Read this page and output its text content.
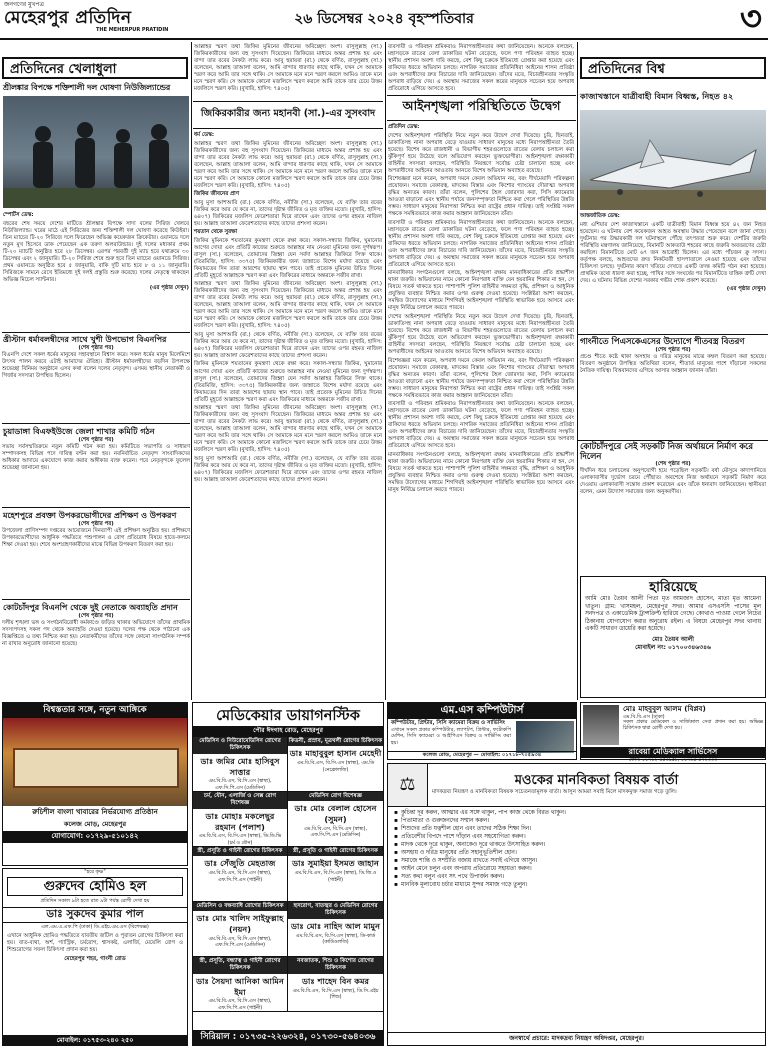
জনগণের মুখপত্র
মেহেরপুর প্রতিদিন
THE MEHERPUR PRATIDIN
২৬ ডিসেম্বর ২০২৪ বৃহস্পতিবার	৩
প্রতিদিনের খেলাধুলা
শ্রীলঙ্কার বিপক্ষে শক্তিশালী দল ঘোষণা নিউজিল্যান্ডের

স্পোর্টস ডেস্ক:

বছরের শেষ সময়ে দেশের মাটিতে শ্রীলঙ্কার বিপক্ষে সাদা বলের সিরিজ খেলবে নিউজিল্যান্ড। ঘরের মাঠে এই সিরিজের জন্য শক্তিশালী দল ঘোষণা করেছে কিউইরা। তিন ম্যাচের টি-২০ সিরিজে দলে ফিরেছেন অভিজ্ঞ কয়েকজন ক্রিকেটার। ওয়ানডে দলে নতুন মুখ হিসেবে ডাক পেয়েছেন এক তরুণ অলরাউন্ডার। দুই দলের মধ্যকার প্রথম টি-২০ ম্যাচটি অনুষ্ঠিত হবে ২৮ ডিসেম্বর। এরপর পরবর্তী দুই ম্যাচ হবে যথাক্রমে ৩০ ডিসেম্বর এবং ২ জানুয়ারি। টি-২০ সিরিজ শেষে শুরু হবে তিন ম্যাচের ওয়ানডে সিরিজ। প্রথম ওয়ানডে অনুষ্ঠিত হবে ৫ জানুয়ারি, বাকি দুটি ম্যাচ হবে ৮ ও ১১ জানুয়ারি। সিরিজকে সামনে রেখে ইতিমধ্যে দুই দলই প্রস্তুতি শুরু করেছে। দলের নেতৃত্বে থাকছেন অভিজ্ঞ মিচেল স্যান্টনার।

(এর পৃষ্ঠার দেখুন)

খ্রীস্টান ধর্মাবলম্বীদের সাথে খুশী উপভোগ বিএনপির
(শেষ পৃষ্ঠার পর)

বিএনপি দেশে সকল ধর্মের মানুষের সহাবস্থানে বিশ্বাস করে। সকল ধর্মের মানুষ মিলেমিশে উৎসব পালন করবে এটাই আমাদের ঐতিহ্য। খ্রীস্টান ধর্মাবলম্বীদের বড়দিন উপলক্ষে শুভেচ্ছা বিনিময় অনুষ্ঠানে এসব কথা বলেন দলের নেতৃবৃন্দ। এসময় স্থানীয় নেতাকর্মী ও গির্জার সদস্যরা উপস্থিত ছিলেন।

চুয়াডাঙ্গা বিএফইউজে জেলা শাখার কমিটি গঠন
(শেষ পৃষ্ঠার পর)

সভায় সর্বসম্মতিক্রমে নতুন কমিটি গঠন করা হয়। কমিটিতে সভাপতি ও সাধারণ সম্পাদকসহ বিভিন্ন পদে দায়িত্ব বণ্টন করা হয়। নবনির্বাচিত নেতৃবৃন্দ সাংবাদিকদের অধিকার আদায়ে একযোগে কাজ করার অঙ্গীকার ব্যক্ত করেন। পরে নেতৃবৃন্দকে ফুলেল শুভেচ্ছা জানানো হয়।

মহেশপুরে প্রবক্তা উপকরভোগীদের প্রশিক্ষণ ও উপকরণ
(শেষ পৃষ্ঠার পর)

উপজেলা প্রাণিসম্পদ দপ্তরের আয়োজনে দিনব্যাপী এই প্রশিক্ষণ অনুষ্ঠিত হয়। প্রশিক্ষণে উপকারভোগীদের আধুনিক পদ্ধতিতে পশুপালন ও রোগ প্রতিরোধ বিষয়ে হাতে-কলমে শিক্ষা দেওয়া হয়। শেষে অংশগ্রহণকারীদের মাঝে বিভিন্ন উপকরণ বিতরণ করা হয়।

কোটচাঁদপুর বিএনপি থেকে দুই নেতাকে অব্যাহতি প্রদান
(শেষ পৃষ্ঠার পর)

দলীয় শৃঙ্খলা ভঙ্গ ও সংগঠনবিরোধী কর্মকাণ্ডে জড়িত থাকার অভিযোগে তাঁদের প্রাথমিক সদস্যপদসহ সকল পদ থেকে অব্যাহতি দেওয়া হয়েছে। দলের পক্ষ থেকে পাঠানো এক বিজ্ঞপ্তিতে এ তথ্য নিশ্চিত করা হয়। নেতাকর্মীদের তাঁদের সঙ্গে কোনো সাংগঠনিক সম্পর্ক না রাখার অনুরোধ জানানো হয়েছে।

আল্লাহর স্মরণ তথা জিকির মুমিনের জীবনের অবিচ্ছেদ্য অংশ। রাসুলুল্লাহ (সা.) জিকিরকারীদের জন্য বহু সুসংবাদ দিয়েছেন। জিকিরের মাধ্যমে অন্তর প্রশান্ত হয় এবং বান্দা তার রবের নৈকট্য লাভ করে। আবু হুরায়রা (রা.) থেকে বর্ণিত, রাসুলুল্লাহ (সা.) বলেছেন, আল্লাহ তাআলা বলেন, আমি বান্দার ধারণার কাছে থাকি, যখন সে আমাকে স্মরণ করে আমি তার সঙ্গে থাকি। সে আমাকে মনে মনে স্মরণ করলে আমিও তাকে মনে মনে স্মরণ করি। সে আমাকে কোনো মজলিসে স্মরণ করলে আমি তাকে তার চেয়ে উত্তম মজলিসে স্মরণ করি। (বুখারি, হাদিস: ৭৪০৫)

জিকিরকারীর জন্য মহানবী (সা.)-এর সুসংবাদ

ধর্ম ডেস্ক:

আল্লাহর স্মরণ তথা জিকির মুমিনের জীবনের অবিচ্ছেদ্য অংশ। রাসুলুল্লাহ (সা.) জিকিরকারীদের জন্য বহু সুসংবাদ দিয়েছেন। জিকিরের মাধ্যমে অন্তর প্রশান্ত হয় এবং বান্দা তার রবের নৈকট্য লাভ করে। আবু হুরায়রা (রা.) থেকে বর্ণিত, রাসুলুল্লাহ (সা.) বলেছেন, আল্লাহ তাআলা বলেন, আমি বান্দার ধারণার কাছে থাকি, যখন সে আমাকে স্মরণ করে আমি তার সঙ্গে থাকি। সে আমাকে মনে মনে স্মরণ করলে আমিও তাকে মনে মনে স্মরণ করি। সে আমাকে কোনো মজলিসে স্মরণ করলে আমি তাকে তার চেয়ে উত্তম মজলিসে স্মরণ করি। (বুখারি, হাদিস: ৭৪০৫)

জিকির জীবনের প্রাণ

আবু মুসা আশআরি (রা.) থেকে বর্ণিত, নবীজি (সা.) বলেছেন, যে ব্যক্তি তার রবের জিকির করে আর যে করে না, তাদের দৃষ্টান্ত জীবিত ও মৃত ব্যক্তির মতো। (বুখারি, হাদিস: ৬৪০৭) জিকিরের মজলিস ফেরেশতারা ঘিরে রাখেন এবং তাদের ওপর রহমত নাজিল হয়। আল্লাহ তাআলা ফেরেশতাদের কাছে তাদের প্রশংসা করেন।

শয়তান থেকে সুরক্ষা

জিকির মুমিনকে শয়তানের কুমন্ত্রণা থেকে রক্ষা করে। সকাল-সন্ধ্যার জিকির, ঘুমানোর আগের দোয়া এবং প্রতিটি কাজের শুরুতে আল্লাহর নাম নেওয়া মুমিনের জন্য দুর্গস্বরূপ। রাসুল (সা.) বলেছেন, তোমাদের জিহ্বা যেন সর্বদা আল্লাহর জিকিরে সিক্ত থাকে। (তিরমিজি, হাদিস: ৩৩৭৫) জিকিরকারীর জন্য জান্নাতে বিশেষ মর্যাদা রয়েছে এবং কিয়ামতের দিন তারা আরশের ছায়ায় স্থান পাবে। তাই প্রত্যেক মুমিনের উচিত দিনের প্রতিটি মুহূর্তে আল্লাহকে স্মরণ করা এবং জিকিরের মাধ্যমে অন্তরকে সজীব রাখা।

আল্লাহর স্মরণ তথা জিকির মুমিনের জীবনের অবিচ্ছেদ্য অংশ। রাসুলুল্লাহ (সা.) জিকিরকারীদের জন্য বহু সুসংবাদ দিয়েছেন। জিকিরের মাধ্যমে অন্তর প্রশান্ত হয় এবং বান্দা তার রবের নৈকট্য লাভ করে। আবু হুরায়রা (রা.) থেকে বর্ণিত, রাসুলুল্লাহ (সা.) বলেছেন, আল্লাহ তাআলা বলেন, আমি বান্দার ধারণার কাছে থাকি, যখন সে আমাকে স্মরণ করে আমি তার সঙ্গে থাকি। সে আমাকে মনে মনে স্মরণ করলে আমিও তাকে মনে মনে স্মরণ করি। সে আমাকে কোনো মজলিসে স্মরণ করলে আমি তাকে তার চেয়ে উত্তম মজলিসে স্মরণ করি। (বুখারি, হাদিস: ৭৪০৫)

আবু মুসা আশআরি (রা.) থেকে বর্ণিত, নবীজি (সা.) বলেছেন, যে ব্যক্তি তার রবের জিকির করে আর যে করে না, তাদের দৃষ্টান্ত জীবিত ও মৃত ব্যক্তির মতো। (বুখারি, হাদিস: ৬৪০৭) জিকিরের মজলিস ফেরেশতারা ঘিরে রাখেন এবং তাদের ওপর রহমত নাজিল হয়। আল্লাহ তাআলা ফেরেশতাদের কাছে তাদের প্রশংসা করেন।

জিকির মুমিনকে শয়তানের কুমন্ত্রণা থেকে রক্ষা করে। সকাল-সন্ধ্যার জিকির, ঘুমানোর আগের দোয়া এবং প্রতিটি কাজের শুরুতে আল্লাহর নাম নেওয়া মুমিনের জন্য দুর্গস্বরূপ। রাসুল (সা.) বলেছেন, তোমাদের জিহ্বা যেন সর্বদা আল্লাহর জিকিরে সিক্ত থাকে। (তিরমিজি, হাদিস: ৩৩৭৫) জিকিরকারীর জন্য জান্নাতে বিশেষ মর্যাদা রয়েছে এবং কিয়ামতের দিন তারা আরশের ছায়ায় স্থান পাবে। তাই প্রত্যেক মুমিনের উচিত দিনের প্রতিটি মুহূর্তে আল্লাহকে স্মরণ করা এবং জিকিরের মাধ্যমে অন্তরকে সজীব রাখা।

আল্লাহর স্মরণ তথা জিকির মুমিনের জীবনের অবিচ্ছেদ্য অংশ। রাসুলুল্লাহ (সা.) জিকিরকারীদের জন্য বহু সুসংবাদ দিয়েছেন। জিকিরের মাধ্যমে অন্তর প্রশান্ত হয় এবং বান্দা তার রবের নৈকট্য লাভ করে। আবু হুরায়রা (রা.) থেকে বর্ণিত, রাসুলুল্লাহ (সা.) বলেছেন, আল্লাহ তাআলা বলেন, আমি বান্দার ধারণার কাছে থাকি, যখন সে আমাকে স্মরণ করে আমি তার সঙ্গে থাকি। সে আমাকে মনে মনে স্মরণ করলে আমিও তাকে মনে মনে স্মরণ করি। সে আমাকে কোনো মজলিসে স্মরণ করলে আমি তাকে তার চেয়ে উত্তম মজলিসে স্মরণ করি। (বুখারি, হাদিস: ৭৪০৫)

আবু মুসা আশআরি (রা.) থেকে বর্ণিত, নবীজি (সা.) বলেছেন, যে ব্যক্তি তার রবের জিকির করে আর যে করে না, তাদের দৃষ্টান্ত জীবিত ও মৃত ব্যক্তির মতো। (বুখারি, হাদিস: ৬৪০৭) জিকিরের মজলিস ফেরেশতারা ঘিরে রাখেন এবং তাদের ওপর রহমত নাজিল হয়। আল্লাহ তাআলা ফেরেশতাদের কাছে তাদের প্রশংসা করেন।

ব্যবসায়ী ও পরিবহন শ্রমিকরাও নিরাপত্তাহীনতার কথা জানিয়েছেন। অনেকে বলছেন, মহাসড়কে রাতের বেলা ডাকাতির ঘটনা বেড়েছে, ফলে পণ্য পরিবহন ব্যাহত হচ্ছে। স্থানীয় প্রশাসন অবশ্য দাবি করছে, বেশ কিছু চক্রকে ইতিমধ্যে গ্রেপ্তার করা হয়েছে এবং বাকিদের ধরতে অভিযান চলছে। নাগরিক সমাজের প্রতিনিধিরা আইনের শাসন প্রতিষ্ঠা এবং অপরাধীদের দ্রুত বিচারের দাবি জানিয়েছেন। তাঁদের মতে, বিচারহীনতার সংস্কৃতি অপরাধ বাড়িয়ে দেয়। এ অবস্থায় সমাজের সকল স্তরের মানুষকে সচেতন হয়ে অপরাধ প্রতিরোধে এগিয়ে আসতে হবে।

আইনশৃঙ্খলা পরিস্থিতিতে উদ্বেগ

প্রতিদিন ডেস্ক:

দেশের আইনশৃঙ্খলা পরিস্থিতি নিয়ে নতুন করে উদ্বেগ দেখা দিয়েছে। চুরি, ছিনতাই, ডাকাতিসহ নানা অপরাধ বেড়ে যাওয়ায় সাধারণ মানুষের মধ্যে নিরাপত্তাহীনতা তৈরি হয়েছে। বিশেষ করে রাজধানী ও বিভাগীয় শহরগুলোতে রাতের বেলায় চলাচল করা ঝুঁকিপূর্ণ হয়ে উঠেছে বলে অভিযোগ করছেন ভুক্তভোগীরা। আইনশৃঙ্খলা রক্ষাকারী বাহিনীর সদস্যরা বলছেন, পরিস্থিতি নিয়ন্ত্রণে সর্বোচ্চ চেষ্টা চালানো হচ্ছে এবং অপরাধীদের আইনের আওতায় আনতে বিশেষ অভিযান অব্যাহত রয়েছে।

বিশেষজ্ঞরা মনে করেন, অপরাধ দমনে কেবল অভিযান নয়, বরং দীর্ঘমেয়াদি পরিকল্পনা প্রয়োজন। সমাজে বেকারত্ব, মাদকের বিস্তার এবং কিশোর গ্যাংয়ের দৌরাত্ম্য অপরাধ বৃদ্ধির অন্যতম কারণ। তাঁরা বলেন, পুলিশের টহল জোরদার করা, সিসি ক্যামেরার আওতা বাড়ানো এবং স্থানীয় পর্যায়ে জনসম্পৃক্ততা নিশ্চিত করা গেলে পরিস্থিতির উন্নতি সম্ভব। সাধারণ মানুষের নিরাপত্তা নিশ্চিত করা রাষ্ট্রের প্রধান দায়িত্ব। তাই সংশ্লিষ্ট সকল পক্ষকে সমন্বিতভাবে কাজ করার আহ্বান জানিয়েছেন তাঁরা।

ব্যবসায়ী ও পরিবহন শ্রমিকরাও নিরাপত্তাহীনতার কথা জানিয়েছেন। অনেকে বলছেন, মহাসড়কে রাতের বেলা ডাকাতির ঘটনা বেড়েছে, ফলে পণ্য পরিবহন ব্যাহত হচ্ছে। স্থানীয় প্রশাসন অবশ্য দাবি করছে, বেশ কিছু চক্রকে ইতিমধ্যে গ্রেপ্তার করা হয়েছে এবং বাকিদের ধরতে অভিযান চলছে। নাগরিক সমাজের প্রতিনিধিরা আইনের শাসন প্রতিষ্ঠা এবং অপরাধীদের দ্রুত বিচারের দাবি জানিয়েছেন। তাঁদের মতে, বিচারহীনতার সংস্কৃতি অপরাধ বাড়িয়ে দেয়। এ অবস্থায় সমাজের সকল স্তরের মানুষকে সচেতন হয়ে অপরাধ প্রতিরোধে এগিয়ে আসতে হবে।

মানবাধিকার সংগঠনগুলো বলছে, আইনশৃঙ্খলা রক্ষায় মানবাধিকারের প্রতি শ্রদ্ধাশীল থাকা জরুরি। অভিযানের নামে কোনো নিরপরাধ ব্যক্তি যেন হয়রানির শিকার না হন, সে বিষয়ে সতর্ক থাকতে হবে। পাশাপাশি পুলিশ বাহিনীর সক্ষমতা বৃদ্ধি, প্রশিক্ষণ ও আধুনিক প্রযুক্তির ব্যবহার নিশ্চিত করার ওপর গুরুত্ব দেওয়া হয়েছে। সংশ্লিষ্টরা আশা করছেন, সমন্বিত উদ্যোগের মাধ্যমে শিগগিরই আইনশৃঙ্খলা পরিস্থিতি স্বাভাবিক হয়ে আসবে এবং মানুষ নির্বিঘ্নে চলাচল করতে পারবে।

দেশের আইনশৃঙ্খলা পরিস্থিতি নিয়ে নতুন করে উদ্বেগ দেখা দিয়েছে। চুরি, ছিনতাই, ডাকাতিসহ নানা অপরাধ বেড়ে যাওয়ায় সাধারণ মানুষের মধ্যে নিরাপত্তাহীনতা তৈরি হয়েছে। বিশেষ করে রাজধানী ও বিভাগীয় শহরগুলোতে রাতের বেলায় চলাচল করা ঝুঁকিপূর্ণ হয়ে উঠেছে বলে অভিযোগ করছেন ভুক্তভোগীরা। আইনশৃঙ্খলা রক্ষাকারী বাহিনীর সদস্যরা বলছেন, পরিস্থিতি নিয়ন্ত্রণে সর্বোচ্চ চেষ্টা চালানো হচ্ছে এবং অপরাধীদের আইনের আওতায় আনতে বিশেষ অভিযান অব্যাহত রয়েছে।

বিশেষজ্ঞরা মনে করেন, অপরাধ দমনে কেবল অভিযান নয়, বরং দীর্ঘমেয়াদি পরিকল্পনা প্রয়োজন। সমাজে বেকারত্ব, মাদকের বিস্তার এবং কিশোর গ্যাংয়ের দৌরাত্ম্য অপরাধ বৃদ্ধির অন্যতম কারণ। তাঁরা বলেন, পুলিশের টহল জোরদার করা, সিসি ক্যামেরার আওতা বাড়ানো এবং স্থানীয় পর্যায়ে জনসম্পৃক্ততা নিশ্চিত করা গেলে পরিস্থিতির উন্নতি সম্ভব। সাধারণ মানুষের নিরাপত্তা নিশ্চিত করা রাষ্ট্রের প্রধান দায়িত্ব। তাই সংশ্লিষ্ট সকল পক্ষকে সমন্বিতভাবে কাজ করার আহ্বান জানিয়েছেন তাঁরা।

ব্যবসায়ী ও পরিবহন শ্রমিকরাও নিরাপত্তাহীনতার কথা জানিয়েছেন। অনেকে বলছেন, মহাসড়কে রাতের বেলা ডাকাতির ঘটনা বেড়েছে, ফলে পণ্য পরিবহন ব্যাহত হচ্ছে। স্থানীয় প্রশাসন অবশ্য দাবি করছে, বেশ কিছু চক্রকে ইতিমধ্যে গ্রেপ্তার করা হয়েছে এবং বাকিদের ধরতে অভিযান চলছে। নাগরিক সমাজের প্রতিনিধিরা আইনের শাসন প্রতিষ্ঠা এবং অপরাধীদের দ্রুত বিচারের দাবি জানিয়েছেন। তাঁদের মতে, বিচারহীনতার সংস্কৃতি অপরাধ বাড়িয়ে দেয়। এ অবস্থায় সমাজের সকল স্তরের মানুষকে সচেতন হয়ে অপরাধ প্রতিরোধে এগিয়ে আসতে হবে।

মানবাধিকার সংগঠনগুলো বলছে, আইনশৃঙ্খলা রক্ষায় মানবাধিকারের প্রতি শ্রদ্ধাশীল থাকা জরুরি। অভিযানের নামে কোনো নিরপরাধ ব্যক্তি যেন হয়রানির শিকার না হন, সে বিষয়ে সতর্ক থাকতে হবে। পাশাপাশি পুলিশ বাহিনীর সক্ষমতা বৃদ্ধি, প্রশিক্ষণ ও আধুনিক প্রযুক্তির ব্যবহার নিশ্চিত করার ওপর গুরুত্ব দেওয়া হয়েছে। সংশ্লিষ্টরা আশা করছেন, সমন্বিত উদ্যোগের মাধ্যমে শিগগিরই আইনশৃঙ্খলা পরিস্থিতি স্বাভাবিক হয়ে আসবে এবং মানুষ নির্বিঘ্নে চলাচল করতে পারবে।

প্রতিদিনের বিশ্ব
কাজাখস্তানে যাত্রীবাহী বিমান বিধ্বস্ত, নিহত ৪২

আন্তর্জাতিক ডেস্ক:

মধ্য এশিয়ার দেশ কাজাখস্তানে একটি যাত্রীবাহী বিমান বিধ্বস্ত হয়ে ৪২ জন নিহত হয়েছেন। এ ঘটনায় বেশ কয়েকজন আহত অবস্থায় উদ্ধার পেয়েছেন বলে জানা গেছে। দুর্ঘটনার পর উদ্ধারকারী দল ঘটনাস্থলে পৌঁছে তৎপরতা শুরু করে। দেশটির জরুরি পরিস্থিতি মন্ত্রণালয় জানিয়েছে, বিমানটি আকতাউ শহরের কাছে জরুরি অবতরণের চেষ্টা করছিল। বিমানটিতে মোট ৬৭ জন আরোহী ছিলেন। এর মধ্যে পাঁচজন ক্রু সদস্য। কর্তৃপক্ষ বলছে, আহতদের দ্রুত নিকটবর্তী হাসপাতালে নেওয়া হয়েছে এবং তাঁদের চিকিৎসা চলছে। দুর্ঘটনার কারণ খতিয়ে দেখতে একটি তদন্ত কমিটি গঠন করা হয়েছে। প্রাথমিক তথ্যে ধারণা করা হচ্ছে, পাখির সঙ্গে সংঘর্ষের পর বিমানটিতে যান্ত্রিক ত্রুটি দেখা দেয়। এ ঘটনায় বিভিন্ন দেশের সরকার গভীর শোক প্রকাশ করেছে।

(এর পৃষ্ঠার দেখুন)

গাংনীতে পিএসকেএসের উদ্যোগে শীতবস্ত্র বিতরণ
(শেষ পৃষ্ঠার পর)

প্রচণ্ড শীতে কষ্টে থাকা অসহায় ও দরিদ্র মানুষের মাঝে কম্বল বিতরণ করা হয়েছে। বিতরণ অনুষ্ঠানে উপস্থিত অতিথিরা বলেন, শীতার্ত মানুষের পাশে দাঁড়ানো সকলের নৈতিক দায়িত্ব। বিত্তবানদের এগিয়ে আসার আহ্বান জানান তাঁরা।

কোটচাঁদপুরে সেই সড়কটি নিজ অর্থায়নে নির্মাণ করে দিলেন
(শেষ পৃষ্ঠার পর)

দীর্ঘদিন ধরে চলাচলের অনুপযোগী হয়ে পড়েছিল সড়কটি। বর্ষা মৌসুমে কাদাপানিতে এলাকাবাসীর দুর্ভোগ চরমে পৌঁছাত। অবশেষে নিজ অর্থায়নে সড়কটি নির্মাণ করে দেওয়ায় এলাকাবাসী সন্তোষ প্রকাশ করেছেন এবং তাঁকে ধন্যবাদ জানিয়েছেন। স্থানীয়রা বলেন, এমন উদ্যোগ সমাজের জন্য অনুকরণীয়।

হারিয়েছে

আমি মোঃ তৈয়ব আলী পিতা মৃত আমজাদ হোসেন, মাতা মৃত আমেনা খাতুন। গ্রাম: খাসমহল, মেহেরপুর সদর। আমার এসএসসি পাসের মূল সনদপত্র ও একাডেমিক ট্রান্সক্রিপ্ট হারিয়ে গেছে। কোথাও পাওয়া গেলে নিচের ঠিকানায় যোগাযোগ করার অনুরোধ রইল। এ বিষয়ে মেহেরপুর সদর থানায় একটি সাধারণ ডায়েরি করা হয়েছে।

মোঃ তৈয়ব আলী
মোবাইল নং: ০১৭০০৩৪৬৩৪৬
বিশ্বস্ততার সঙ্গে, নতুন আঙ্গিকে
রুচিশীল বাংলা খাবারের নির্ভরযোগ্য প্রতিষ্ঠান
কলেজ মোড়, মেহেরপুর
যোগাযোগ: ০১৭২৯-৫১০১৪২
"হরে কৃষ্ণ"
গুরুদেব হোমিও হল
প্রতিদিন সকাল ৯টা হতে রাত ৯টা পর্যন্ত রোগী দেখা হয়
ডাঃ সুকদেব কুমার পাল
এল.এম.এ.এফ.পি (ঢাকা) ডি.এইচ.এম.এস (বিশেষজ্ঞ)

এখানে আধুনিক হোমিও পদ্ধতিতে যাবতীয় জটিল ও পুরাতন রোগের চিকিৎসা করা হয়। বাত-ব্যথা, অর্শ, গ্যাস্ট্রিক, চর্মরোগ, শ্বাসকষ্ট, এলার্জি, মেয়েলি রোগ ও শিশুরোগের সফল চিকিৎসা প্রদান করা হয়।

মেহেরপুর শহর, গাংনী রোড
মোবাইল: ০১৭৫৩-২৪০ ২৫০
মেডিকেয়ার ডায়াগনস্টিক
পৌর ঈদগাহ রোড, মেহেরপুর
মেডিসিন ও নিউরোমেডিসিন রোগের চিকিৎসক
ডাঃ জমির মোঃ হাসিবুস সাত্তার
এম.বি.বি.এস, বি.সি.এস (স্বাস্থ্য), এফ.সি.পি.এস (মেডিসিন)
কিডনী, প্রস্রাব, মূত্রথলী রোগের চিকিৎসক
ডাঃ মাহাবুবুল হাসান মেহেদী
এম.বি.বি.এস, বি.সি.এস (স্বাস্থ্য), এম.ডি (নেফ্রোলজি)
চর্ম, যৌন, এলার্জি ও সেক্স রোগ বিশেষজ্ঞ
ডাঃ মোহাঃ মকলেছুর রহমান (পলাশ)
এম.বি.বি.এস, বি.সি.এস (স্বাস্থ্য), ডি.ডি.ভি (চর্ম ও যৌন)
মেডিসিন রোগ বিশেষজ্ঞ
ডাঃ মোঃ বেলাল হোসেন (সুমন)
এম.বি.বি.এস, বি.সি.এস (স্বাস্থ্য), এফ.সি.পি.এস (মেডিসিন)
স্ত্রী, প্রসূতি ও গাইনী রোগের চিকিৎসক
ডাঃ সেঁজুতি মেহতাজ
এম.বি.বি.এস, বি.সি.এস (স্বাস্থ্য), এফ.সি.পি.এস (গাইনী)
স্ত্রী, প্রসূতি ও গাইনী রোগের চিকিৎসক
ডাঃ সুমাইয়া ইসমত জাহান
এম.বি.বি.এস, বি.সি.এস (স্বাস্থ্য), ডি.জি.ও (গাইনী)
মেডিসিন ও বক্ষব্যাধি রোগের চিকিৎসক
ডাঃ মোঃ খালিদ সাইফুল্লাহ (নয়ন)
এম.বি.বি.এস, বি.সি.এস (স্বাস্থ্য), এফ.সি.পি.এস (মেডিসিন)
হৃদরোগ, বাতজ্বর ও মেডিসিন রোগের চিকিৎসক
ডাঃ মোঃ নাহিদ আল মামুন
এম.বি.বি.এস, বি.সি.এস (স্বাস্থ্য), ডি-কার্ড (কার্ডিওলজি)
স্ত্রী, প্রসূতি, বন্ধ্যাত্ব ও গাইনী রোগের চিকিৎসক
ডাঃ সৈয়দা আনিকা আমিন ইমা
এম.বি.বি.এস, বি.সি.এস (স্বাস্থ্য), এফ.সি.পি.এস (গাইনী)
নবজাতক, শিশু ও কিশোর রোগের চিকিৎসক
ডাঃ শাহেদ বিন কমর
এম.বি.বি.এস, বি.সি.এস (স্বাস্থ্য), ডি.সি.এইচ (শিশু)
সিরিয়াল : ০১৭৩৫-২২৬৩২৪, ০১৭৩০-৫৬৪০৩৬
এম.এস কম্পিউটার্স
কম্পিউটার, প্রিন্টার, সিসি ক্যামেরা বিক্রয় ও সার্ভিসিং

এখানে সকল প্রকার কম্পিউটার, ল্যাপটপ, প্রিন্টার, ফটোকপি মেশিন, সিসি ক্যামেরা ও আইপিএস বিক্রয় ও সার্ভিসিং করা হয়।

কলেজ রোড, মেহেরপুর — মোবাইল: ০১৭১৮-৭০৫৯৩৪
মোঃ মাহবুবুল আলম (বিপ্লব)
এম.বি.বি.এস (ঢাকা)

সকল প্রকার মেডিকেল ও সার্জিক্যাল সেবা প্রদান করা হয়। অভিজ্ঞ চিকিৎসক দ্বারা রোগী দেখা হয়।

রাবেয়া মেডিক্যাল সার্ভিসেস
ফোন: ০১৭১২-৪৫৩৯৫৮, ০১৭৬৪-৪৭২৩৩৩
⚖	মওকের মানবিকতা বিষয়ক বার্তা

মাদকদ্রব্য নিয়ন্ত্রণ ও মানবিকতা বিষয়ক সচেতনতামূলক বার্তা। আসুন আমরা সবাই মিলে মাদকমুক্ত সমাজ গড়ে তুলি।

▪ কুচিন্তা দূর করুন, আত্মার এর সঙ্গে থাকুন, পাপ কাজ থেকে বিরত থাকুন।
▪ পিতামাতা ও গুরুজনদের সম্মান করুন।
▪ শিশুদের প্রতি যত্নশীল হোন এবং তাদের সঠিক শিক্ষা দিন।
▪ প্রতিবেশীর বিপদে পাশে দাঁড়ান এবং সহযোগিতা করুন।
▪ মাদক থেকে দূরে থাকুন, অন্যকেও দূরে থাকতে উৎসাহিত করুন।
▪ অসহায় ও দরিদ্র মানুষের প্রতি সহানুভূতিশীল হোন।
▪ সমাজে শান্তি ও সম্প্রীতি বজায় রাখতে সবাই এগিয়ে আসুন।
▪ আইন মেনে চলুন এবং অপরাধ প্রতিরোধে সহায়তা করুন।
▪ সত্য কথা বলুন এবং সৎ পথে উপার্জন করুন।
▪ মানবিক মূল্যবোধ চর্চার মাধ্যমে সুন্দর সমাজ গড়ে তুলুন।
জনস্বার্থে প্রচারে: মাদকদ্রব্য নিয়ন্ত্রণ অধিদপ্তর, মেহেরপুর।
